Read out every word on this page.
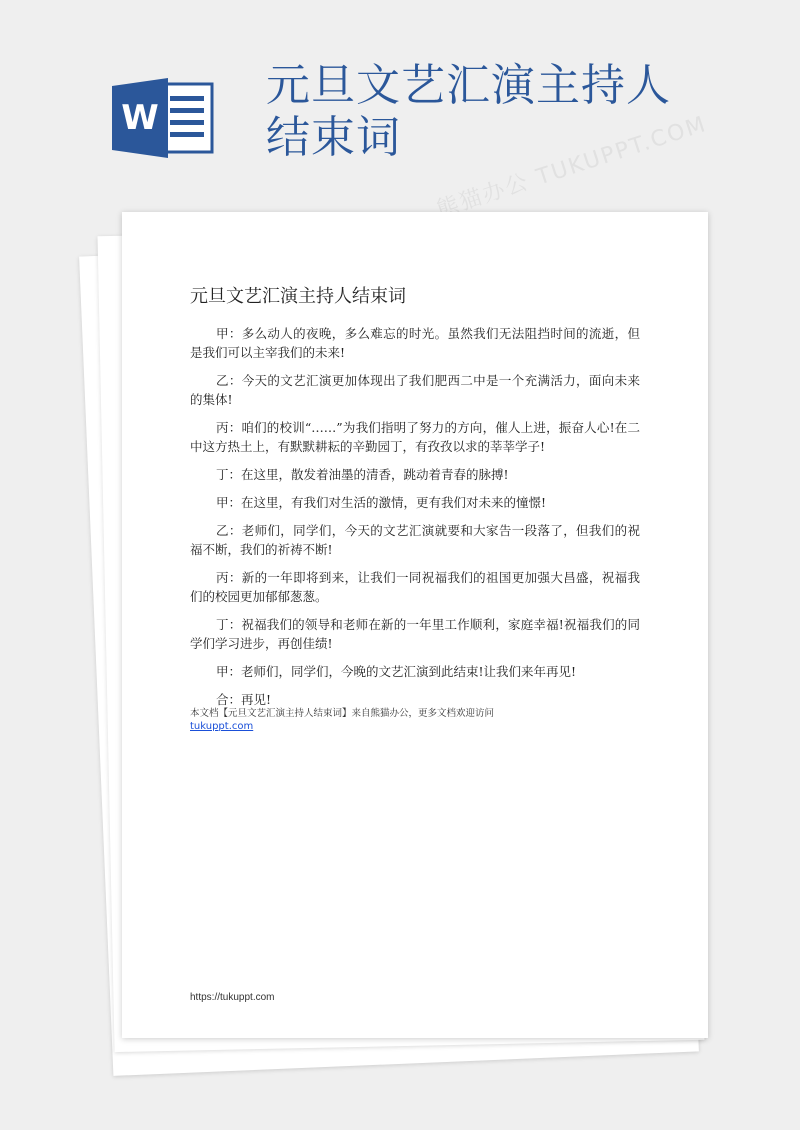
W
元旦文艺汇演主持人结束词	熊猫办公 TUKUPPT.COM
元旦文艺汇演主持人结束词

甲：多么动人的夜晚，多么难忘的时光。虽然我们无法阻挡时间的流逝，但是我们可以主宰我们的未来!

乙：今天的文艺汇演更加体现出了我们肥西二中是一个充满活力，面向未来的集体!

丙：咱们的校训“……”为我们指明了努力的方向，催人上进，振奋人心!在二中这方热土上，有默默耕耘的辛勤园丁，有孜孜以求的莘莘学子!

丁：在这里，散发着油墨的清香，跳动着青春的脉搏!

甲：在这里，有我们对生活的激情，更有我们对未来的憧憬!

乙：老师们，同学们，今天的文艺汇演就要和大家告一段落了，但我们的祝福不断，我们的祈祷不断!

丙：新的一年即将到来，让我们一同祝福我们的祖国更加强大昌盛，祝福我们的校园更加郁郁葱葱。

丁：祝福我们的领导和老师在新的一年里工作顺利，家庭幸福!祝福我们的同学们学习进步，再创佳绩!

甲：老师们，同学们，今晚的文艺汇演到此结束!让我们来年再见!

合：再见!

本文档【元旦文艺汇演主持人结束词】来自熊猫办公，更多文档欢迎访问
tukuppt.com
https://tukuppt.com
